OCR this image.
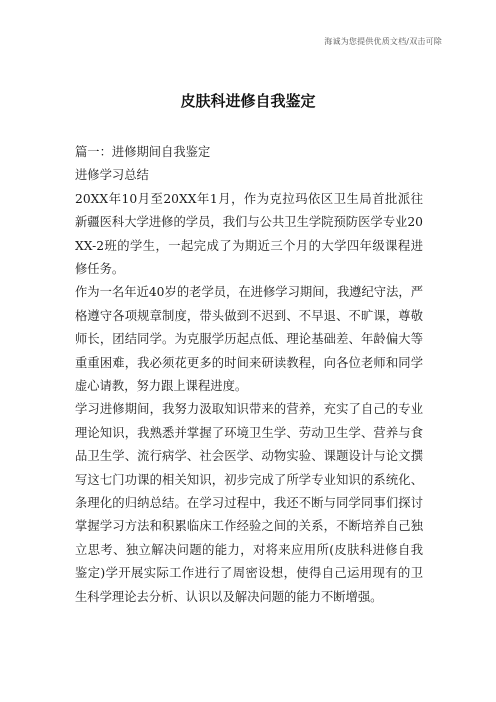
海诚为您提供优质文档/双击可除
皮肤科进修自我鉴定

篇一：进修期间自我鉴定

进修学习总结

20XX年10月至20XX年1月，作为克拉玛依区卫生局首批派往新疆医科大学进修的学员，我们与公共卫生学院预防医学专业20XX-2班的学生，一起完成了为期近三个月的大学四年级课程进修任务。

作为一名年近40岁的老学员，在进修学习期间，我遵纪守法，严格遵守各项规章制度，带头做到不迟到、不早退、不旷课，尊敬师长，团结同学。为克服学历起点低、理论基础差、年龄偏大等重重困难，我必须花更多的时间来研读教程，向各位老师和同学虚心请教，努力跟上课程进度。

学习进修期间，我努力汲取知识带来的营养，充实了自己的专业理论知识，我熟悉并掌握了环境卫生学、劳动卫生学、营养与食品卫生学、流行病学、社会医学、动物实验、课题设计与论文撰写这七门功课的相关知识，初步完成了所学专业知识的系统化、条理化的归纳总结。在学习过程中，我还不断与同学同事们探讨掌握学习方法和积累临床工作经验之间的关系，不断培养自己独立思考、独立解决问题的能力，对将来应用所(皮肤科进修自我鉴定)学开展实际工作进行了周密设想，使得自己运用现有的卫生科学理论去分析、认识以及解决问题的能力不断增强。
